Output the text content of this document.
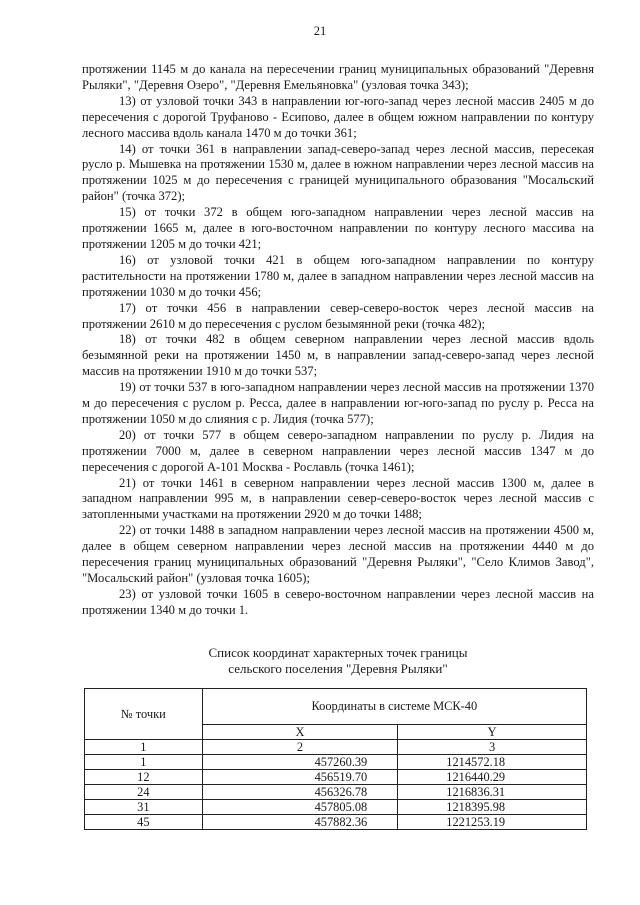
21

протяжении 1145 м до канала на пересечении границ муниципальных образований "Деревня Рыляки", "Деревня Озеро", "Деревня Емельяновка" (узловая точка 343);

13) от узловой точки 343 в направлении юг-юго-запад через лесной массив 2405 м до пересечения с дорогой Труфаново - Есипово, далее в общем южном направлении по контуру лесного массива вдоль канала 1470 м до точки 361;

14) от точки 361 в направлении запад-северо-запад через лесной массив, пересекая русло р. Мышевка на протяжении 1530 м, далее в южном направлении через лесной массив на протяжении 1025 м до пересечения с границей муниципального образования "Мосальский район" (точка 372);

15) от точки 372 в общем юго-западном направлении через лесной массив на протяжении 1665 м, далее в юго-восточном направлении по контуру лесного массива на протяжении 1205 м до точки 421;

16) от узловой точки 421 в общем юго-западном направлении по контуру растительности на протяжении 1780 м, далее в западном направлении через лесной массив на протяжении 1030 м до точки 456;

17) от точки 456 в направлении север-северо-восток через лесной массив на протяжении 2610 м до пересечения с руслом безымянной реки (точка 482);

18) от точки 482 в общем северном направлении через лесной массив вдоль безымянной реки на протяжении 1450 м, в направлении запад-северо-запад через лесной массив на протяжении 1910 м до точки 537;

19) от точки 537 в юго-западном направлении через лесной массив на протяжении 1370 м до пересечения с руслом р. Ресса, далее в направлении юг-юго-запад по руслу р. Ресса на протяжении 1050 м до слияния с р. Лидия (точка 577);

20) от точки 577 в общем северо-западном направлении по руслу р. Лидия на протяжении 7000 м, далее в северном направлении через лесной массив 1347 м до пересечения с дорогой А-101 Москва - Рославль (точка 1461);

21) от точки 1461 в северном направлении через лесной массив 1300 м, далее в западном направлении 995 м, в направлении север-северо-восток через лесной массив с затопленными участками на протяжении 2920 м до точки 1488;

22) от точки 1488 в западном направлении через лесной массив на протяжении 4500 м, далее в общем северном направлении через лесной массив на протяжении 4440 м до пересечения границ муниципальных образований "Деревня Рыляки", "Село Климов Завод", "Мосальский район" (узловая точка 1605);

23) от узловой точки 1605 в северо-восточном направлении через лесной массив на протяжении 1340 м до точки 1.

Список координат характерных точек границы
сельского поселения "Деревня Рыляки"
№ точки	Координаты в системе МСК-40	
	X	Y
1	2	3
1	457260.39	1214572.18
12	456519.70	1216440.29
24	456326.78	1216836.31
31	457805.08	1218395.98
45	457882.36	1221253.19
